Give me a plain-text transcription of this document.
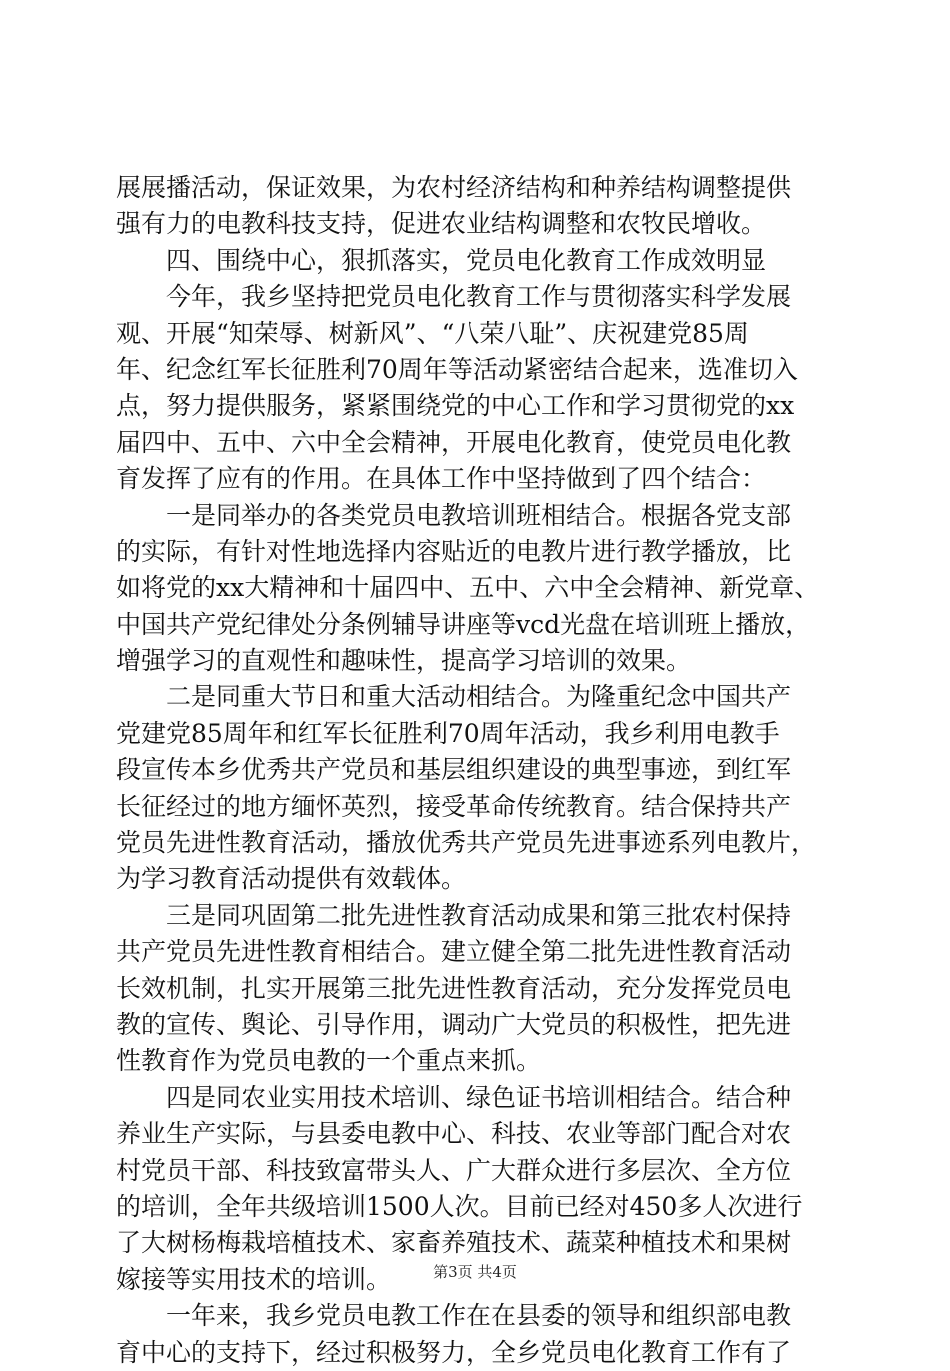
展展播活动，保证效果，为农村经济结构和种养结构调整提供
强有力的电教科技支持，促进农业结构调整和农牧民增收。
　　四、围绕中心，狠抓落实，党员电化教育工作成效明显
　　今年，我乡坚持把党员电化教育工作与贯彻落实科学发展
观、开展“知荣辱、树新风”、“八荣八耻”、庆祝建党85周
年、纪念红军长征胜利70周年等活动紧密结合起来，选准切入
点，努力提供服务，紧紧围绕党的中心工作和学习贯彻党的xx
届四中、五中、六中全会精神，开展电化教育，使党员电化教
育发挥了应有的作用。在具体工作中坚持做到了四个结合：
　　一是同举办的各类党员电教培训班相结合。根据各党支部
的实际，有针对性地选择内容贴近的电教片进行教学播放，比
如将党的xx大精神和十届四中、五中、六中全会精神、新党章、
中国共产党纪律处分条例辅导讲座等vcd光盘在培训班上播放，
增强学习的直观性和趣味性，提高学习培训的效果。
　　二是同重大节日和重大活动相结合。为隆重纪念中国共产
党建党85周年和红军长征胜利70周年活动，我乡利用电教手
段宣传本乡优秀共产党员和基层组织建设的典型事迹，到红军
长征经过的地方缅怀英烈，接受革命传统教育。结合保持共产
党员先进性教育活动，播放优秀共产党员先进事迹系列电教片，
为学习教育活动提供有效载体。
　　三是同巩固第二批先进性教育活动成果和第三批农村保持
共产党员先进性教育相结合。建立健全第二批先进性教育活动
长效机制，扎实开展第三批先进性教育活动，充分发挥党员电
教的宣传、舆论、引导作用，调动广大党员的积极性，把先进
性教育作为党员电教的一个重点来抓。
　　四是同农业实用技术培训、绿色证书培训相结合。结合种
养业生产实际，与县委电教中心、科技、农业等部门配合对农
村党员干部、科技致富带头人、广大群众进行多层次、全方位
的培训，全年共级培训1500人次。目前已经对450多人次进行
了大树杨梅栽培植技术、家畜养殖技术、蔬菜种植技术和果树
嫁接等实用技术的培训。
　　一年来，我乡党员电教工作在在县委的领导和组织部电教
育中心的支持下，经过积极努力，全乡党员电化教育工作有了
第3页 共4页
